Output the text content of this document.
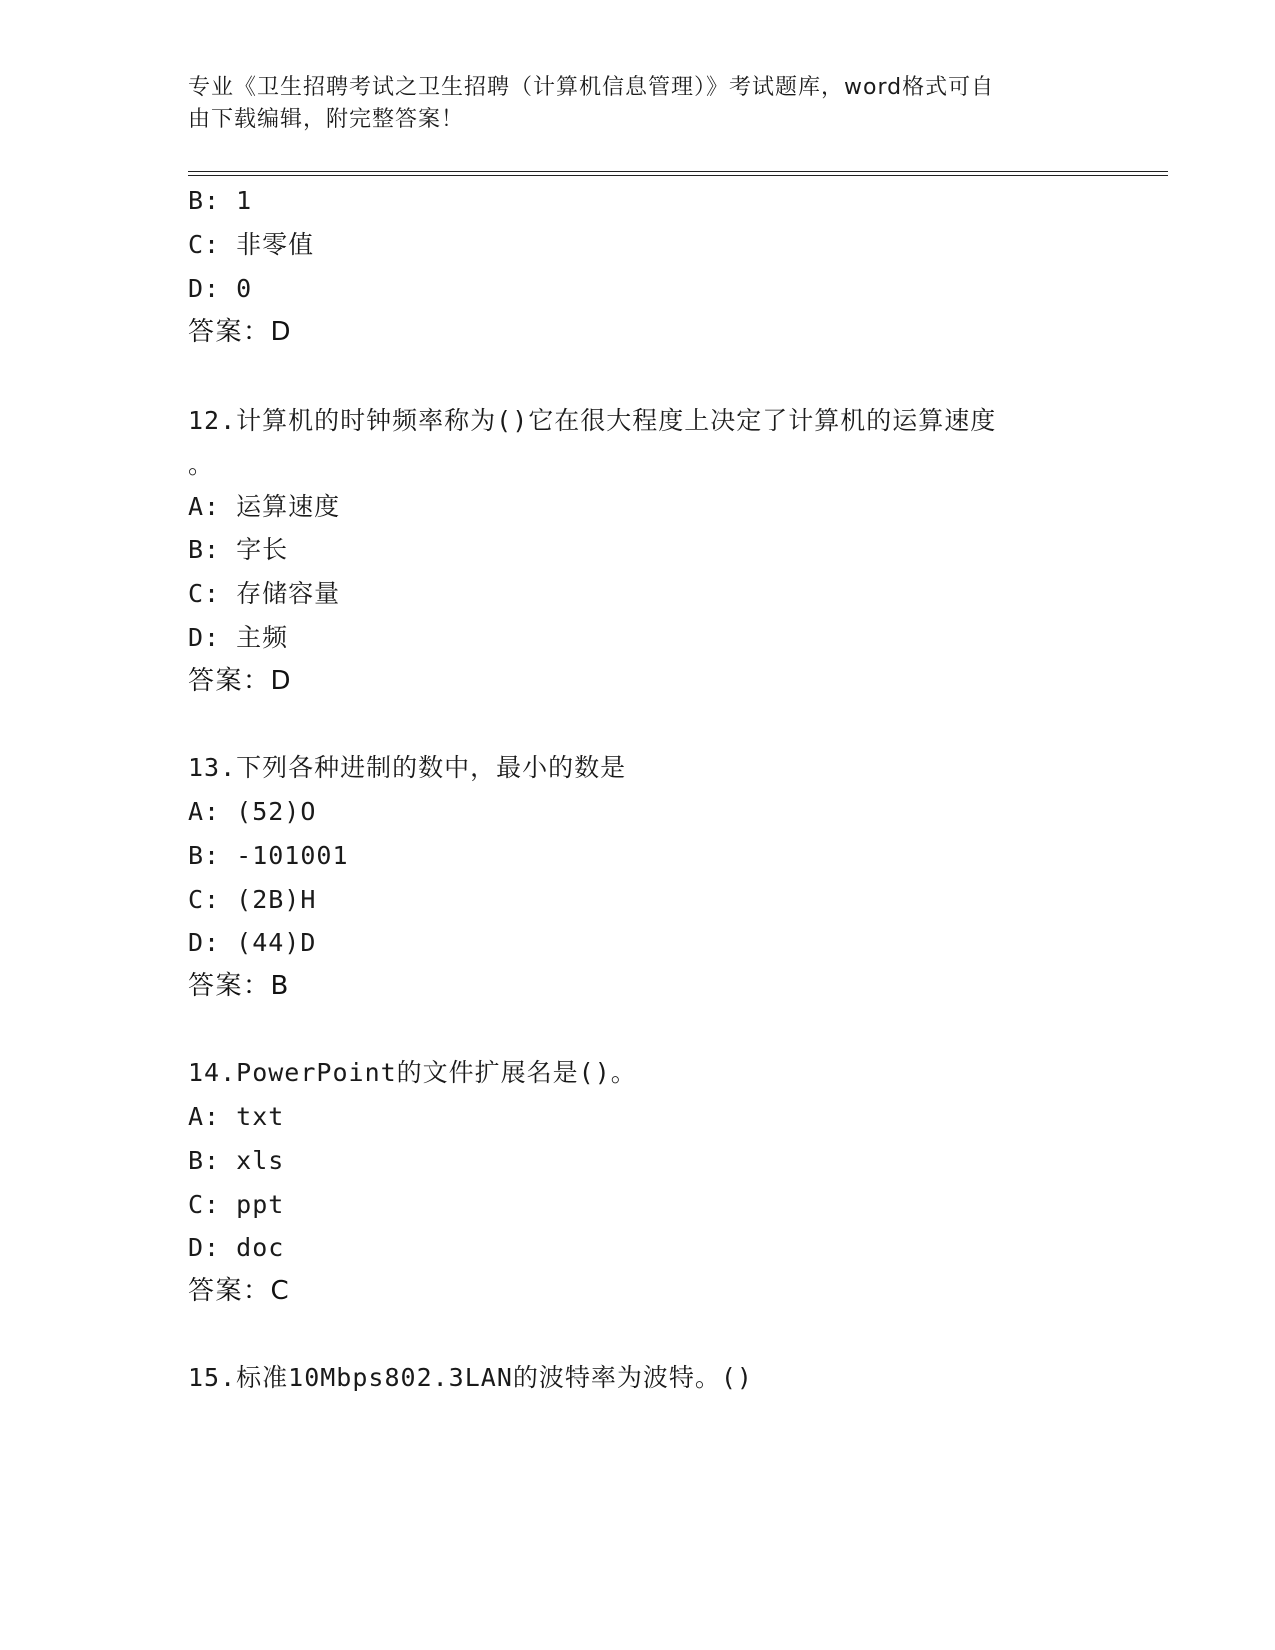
专业《卫生招聘考试之卫生招聘（计算机信息管理）》考试题库，word格式可自
由下载编辑，附完整答案！
B: 1
C: 非零值
D: 0
答案：D
12.计算机的时钟频率称为()它在很大程度上决定了计算机的运算速度
。
A: 运算速度
B: 字长
C: 存储容量
D: 主频
答案：D
13.下列各种进制的数中，最小的数是
A: (52)O
B: -101001
C: (2B)H
D: (44)D
答案：B
14.PowerPoint的文件扩展名是()。
A: txt
B: xls
C: ppt
D: doc
答案：C
15.标准10Mbps802.3LAN的波特率为波特。()
